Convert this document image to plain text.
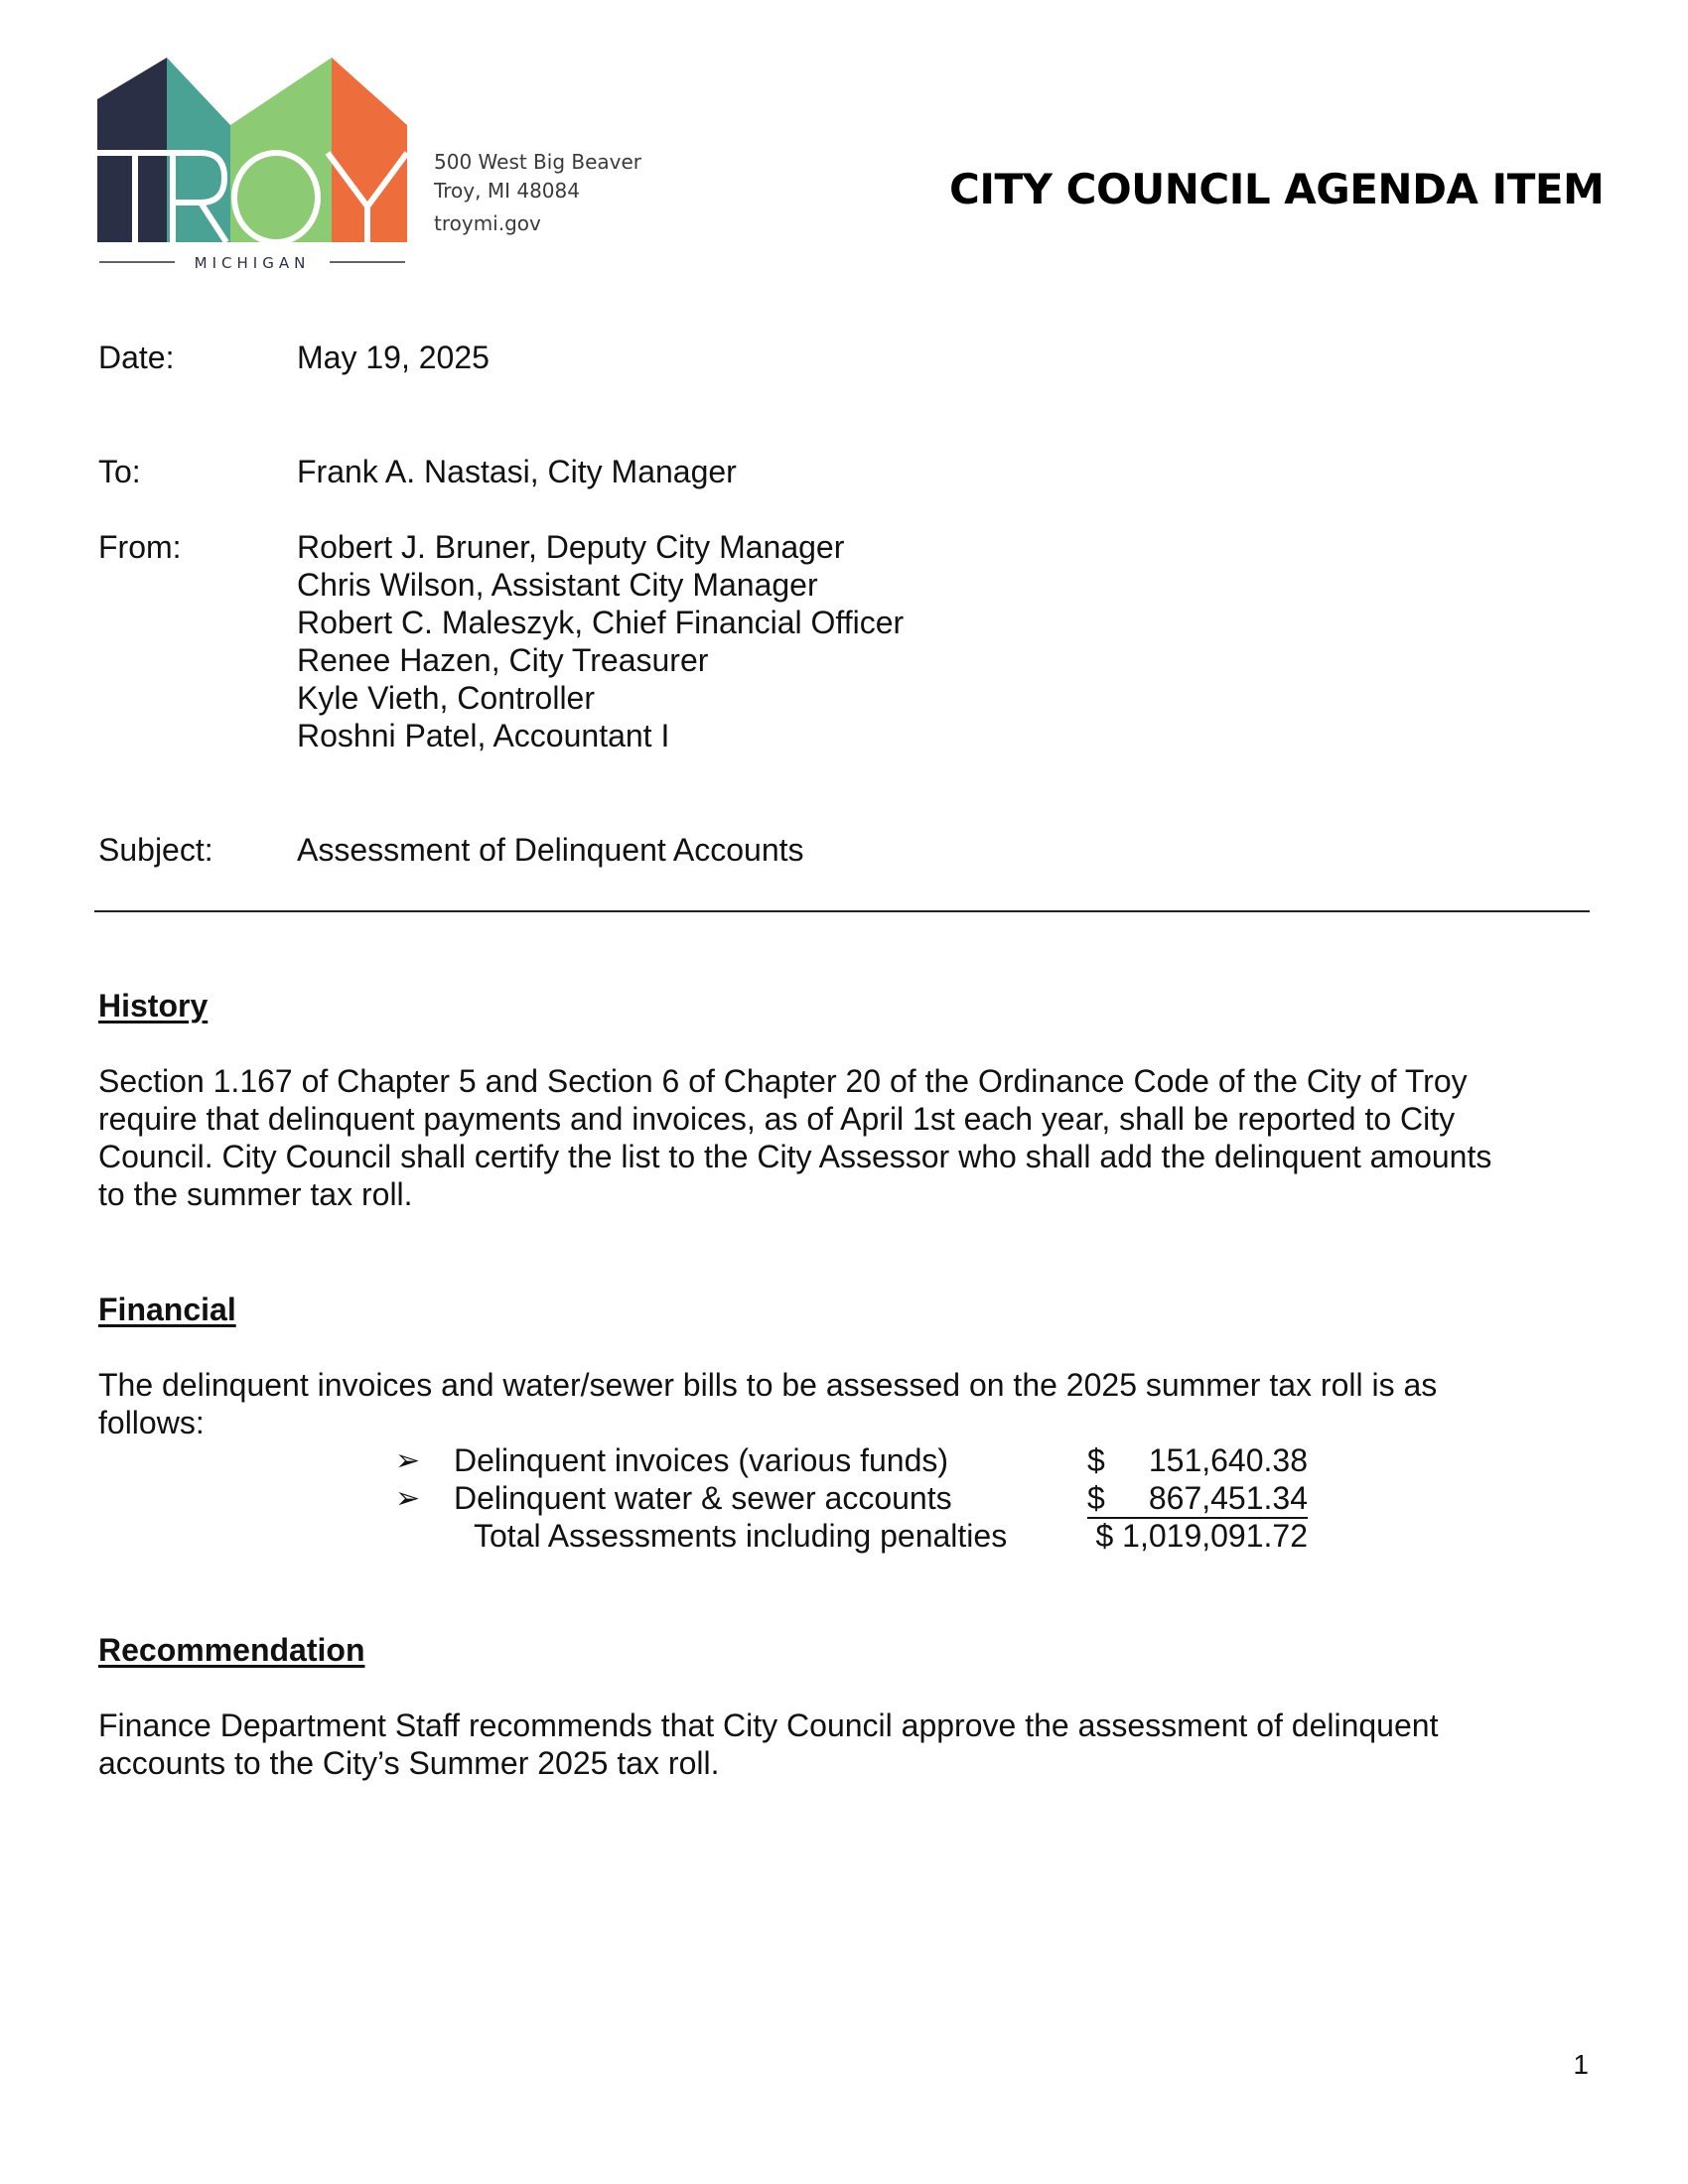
MICHIGAN
500 West Big Beaver
Troy, MI 48084
troymi.gov
CITY COUNCIL AGENDA ITEM
Date:	May 19, 2025
To:	Frank A. Nastasi, City Manager
From:	Robert J. Bruner, Deputy City Manager
Chris Wilson, Assistant City Manager
Robert C. Maleszyk, Chief Financial Officer
Renee Hazen, City Treasurer
Kyle Vieth, Controller
Roshni Patel, Accountant I
Subject:	Assessment of Delinquent Accounts
History
Section 1.167 of Chapter 5 and Section 6 of Chapter 20 of the Ordinance Code of the City of Troy
require that delinquent payments and invoices, as of April 1st each year, shall be reported to City
Council. City Council shall certify the list to the City Assessor who shall add the delinquent amounts
to the summer tax roll.
Financial
The delinquent invoices and water/sewer bills to be assessed on the 2025 summer tax roll is as
follows:
➢ Delinquent invoices (various funds)	$ 151,640.38
➢ Delinquent water & sewer accounts	$ 867,451.34
Total Assessments including penalties	$ 1,019,091.72
Recommendation
Finance Department Staff recommends that City Council approve the assessment of delinquent
accounts to the City’s Summer 2025 tax roll.
1
